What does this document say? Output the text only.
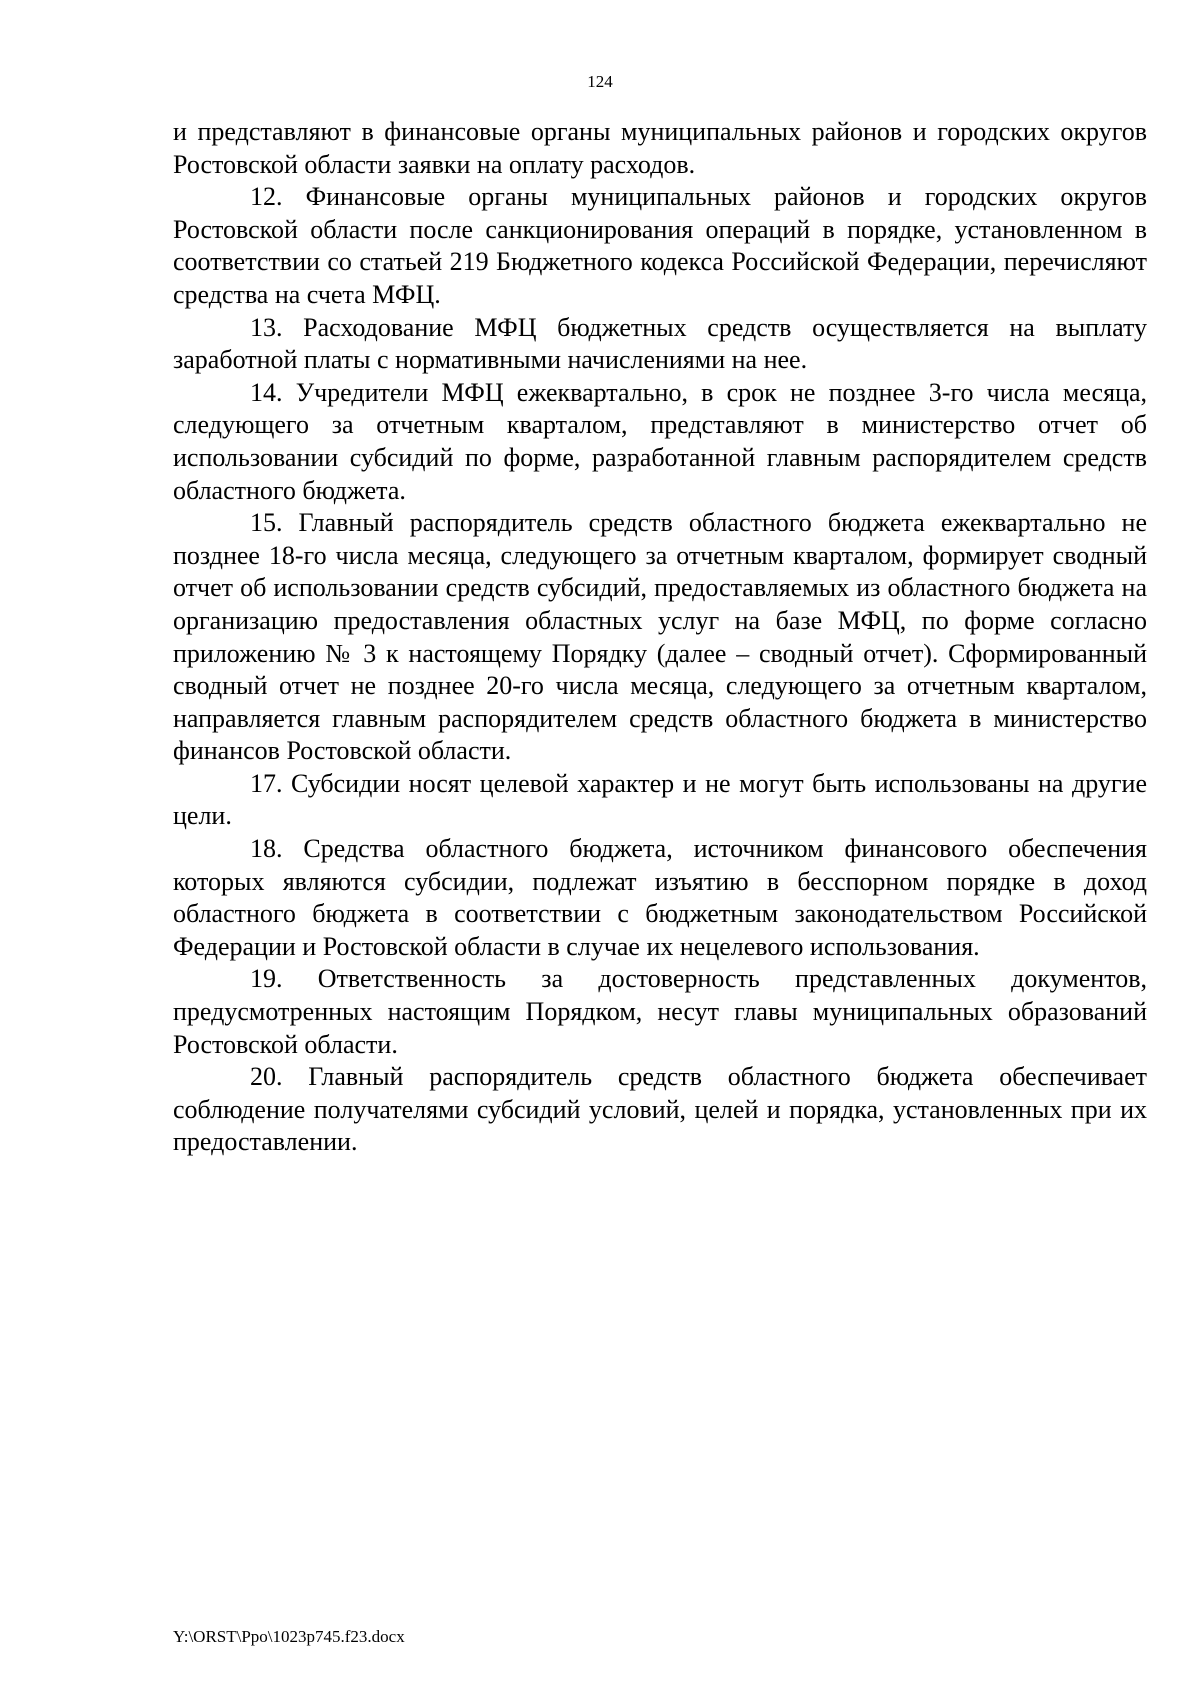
124

и представляют в финансовые органы муниципальных районов и городских округов Ростовской области заявки на оплату расходов.

12. Финансовые органы муниципальных районов и городских округов Ростовской области после санкционирования операций в порядке, установленном в соответствии со статьей 219 Бюджетного кодекса Российской Федерации, перечисляют средства на счета МФЦ.

13. Расходование МФЦ бюджетных средств осуществляется на выплату заработной платы с нормативными начислениями на нее.

14. Учредители МФЦ ежеквартально, в срок не позднее 3-го числа месяца, следующего за отчетным кварталом, представляют в министерство отчет об использовании субсидий по форме, разработанной главным распорядителем средств областного бюджета.

15. Главный распорядитель средств областного бюджета ежеквартально не позднее 18-го числа месяца, следующего за отчетным кварталом, формирует сводный отчет об использовании средств субсидий, предоставляемых из областного бюджета на организацию предоставления областных услуг на базе МФЦ, по форме согласно приложению № 3 к настоящему Порядку (далее – сводный отчет). Сформированный сводный отчет не позднее 20-го числа месяца, следующего за отчетным кварталом, направляется главным распорядителем средств областного бюджета в министерство финансов Ростовской области.

17. Субсидии носят целевой характер и не могут быть использованы на другие цели.

18. Средства областного бюджета, источником финансового обеспечения которых являются субсидии, подлежат изъятию в бесспорном порядке в доход областного бюджета в соответствии с бюджетным законодательством Российской Федерации и Ростовской области в случае их нецелевого использования.

19. Ответственность за достоверность представленных документов, предусмотренных настоящим Порядком, несут главы муниципальных образований Ростовской области.

20. Главный распорядитель средств областного бюджета обеспечивает соблюдение получателями субсидий условий, целей и порядка, установленных при их предоставлении.

Y:\ORST\Ppo\1023p745.f23.docx
